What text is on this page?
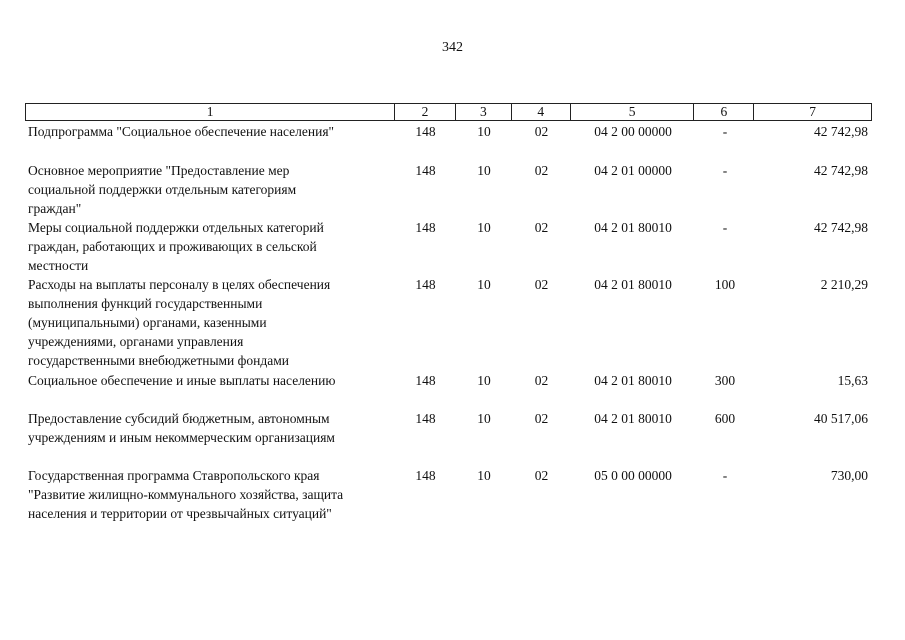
342
1	2	3	4	5	6	7
Подпрограмма "Социальное обеспечение населения"	148	10	02	04 2 00 00000	-	42 742,98
Основное мероприятие "Предоставление мер
социальной поддержки отдельным категориям
граждан"
148	10	02	04 2 01 00000	-	42 742,98
Меры социальной поддержки отдельных категорий
граждан, работающих и проживающих в сельской
местности
148	10	02	04 2 01 80010	-	42 742,98
Расходы на выплаты персоналу в целях обеспечения
выполнения функций государственными
(муниципальными) органами, казенными
учреждениями, органами управления
государственными внебюджетными фондами
148	10	02	04 2 01 80010	100	2 210,29
Социальное обеспечение и иные выплаты населению	148	10	02	04 2 01 80010	300	15,63
Предоставление субсидий бюджетным, автономным
учреждениям и иным некоммерческим организациям
148	10	02	04 2 01 80010	600	40 517,06
Государственная программа Ставропольского края
"Развитие жилищно-коммунального хозяйства, защита
населения и территории от чрезвычайных ситуаций"
148	10	02	05 0 00 00000	-	730,00
